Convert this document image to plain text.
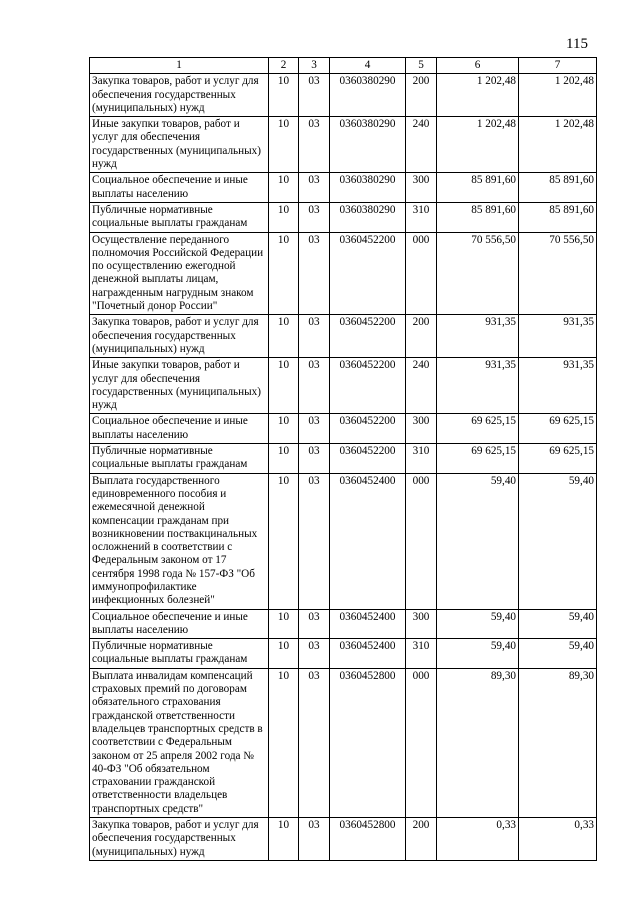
115
1	2	3	4	5	6	7
Закупка товаров, работ и услуг для обеспечения государственных (муниципальных) нужд	10	03	0360380290	200	1 202,48	1 202,48
Иные закупки товаров, работ и услуг для обеспечения государственных (муниципальных) нужд	10	03	0360380290	240	1 202,48	1 202,48
Социальное обеспечение и иные выплаты населению	10	03	0360380290	300	85 891,60	85 891,60
Публичные нормативные социальные выплаты гражданам	10	03	0360380290	310	85 891,60	85 891,60
Осуществление переданного полномочия Российской Федерации по осуществлению ежегодной денежной выплаты лицам, награжденным нагрудным знаком "Почетный донор России"	10	03	0360452200	000	70 556,50	70 556,50
Закупка товаров, работ и услуг для обеспечения государственных (муниципальных) нужд	10	03	0360452200	200	931,35	931,35
Иные закупки товаров, работ и услуг для обеспечения государственных (муниципальных) нужд	10	03	0360452200	240	931,35	931,35
Социальное обеспечение и иные выплаты населению	10	03	0360452200	300	69 625,15	69 625,15
Публичные нормативные социальные выплаты гражданам	10	03	0360452200	310	69 625,15	69 625,15
Выплата государственного единовременного пособия и ежемесячной денежной компенсации гражданам при возникновении поствакцинальных осложнений в соответствии с Федеральным законом от 17 сентября 1998 года № 157-ФЗ "Об иммунопрофилактике инфекционных болезней"	10	03	0360452400	000	59,40	59,40
Социальное обеспечение и иные выплаты населению	10	03	0360452400	300	59,40	59,40
Публичные нормативные социальные выплаты гражданам	10	03	0360452400	310	59,40	59,40
Выплата инвалидам компенсаций страховых премий по договорам обязательного страхования гражданской ответственности владельцев транспортных средств в соответствии с Федеральным законом от 25 апреля 2002 года № 40-ФЗ "Об обязательном страховании гражданской ответственности владельцев транспортных средств"	10	03	0360452800	000	89,30	89,30
Закупка товаров, работ и услуг для обеспечения государственных (муниципальных) нужд	10	03	0360452800	200	0,33	0,33
